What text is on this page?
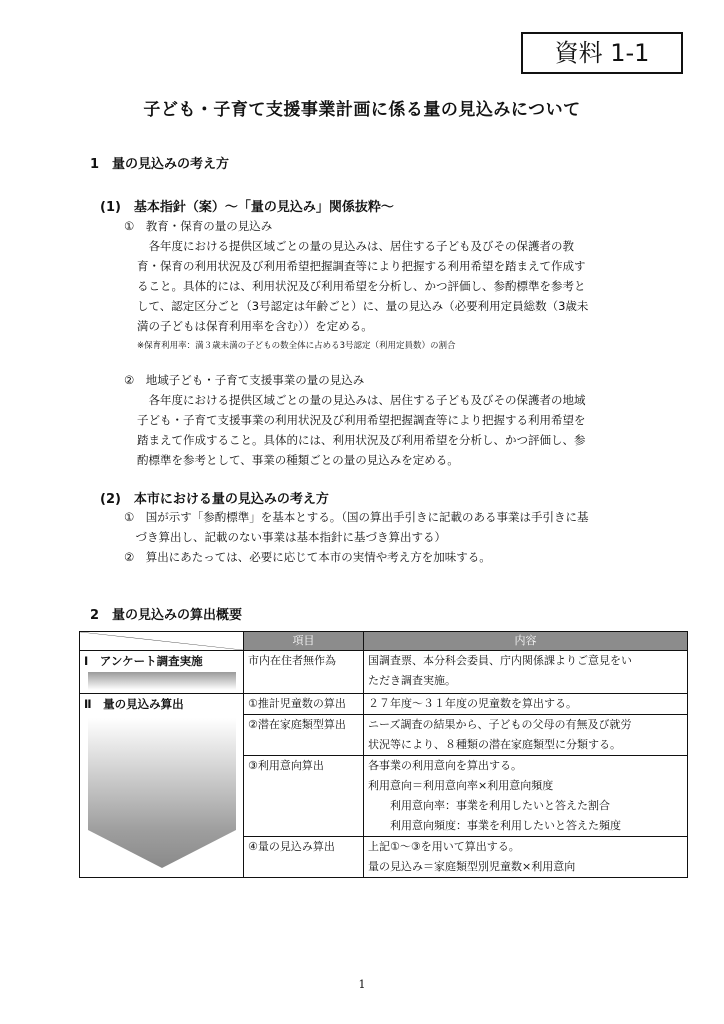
資料 1-1
子ども・子育て支援事業計画に係る量の見込みについて
1　量の見込みの考え方
(1)　基本指針（案）～「量の見込み」関係抜粋～
①　教育・保育の量の見込み
　各年度における提供区域ごとの量の見込みは、居住する子ども及びその保護者の教
育・保育の利用状況及び利用希望把握調査等により把握する利用希望を踏まえて作成す
ること。具体的には、利用状況及び利用希望を分析し、かつ評価し、参酌標準を参考と
して、認定区分ごと（3号認定は年齢ごと）に、量の見込み（必要利用定員総数（3歳未
満の子どもは保育利用率を含む））を定める。
※保育利用率：満３歳未満の子どもの数全体に占める3号認定（利用定員数）の割合
②　地域子ども・子育て支援事業の量の見込み
　各年度における提供区域ごとの量の見込みは、居住する子ども及びその保護者の地域
子ども・子育て支援事業の利用状況及び利用希望把握調査等により把握する利用希望を
踏まえて作成すること。具体的には、利用状況及び利用希望を分析し、かつ評価し、参
酌標準を参考として、事業の種類ごとの量の見込みを定める。
(2)　本市における量の見込みの考え方
①　国が示す「参酌標準」を基本とする。（国の算出手引きに記載のある事業は手引きに基
　づき算出し、記載のない事業は基本指針に基づき算出する）
②　算出にあたっては、必要に応じて本市の実情や考え方を加味する。
2　量の見込みの算出概要
	項目	内容

Ⅰ　アンケート調査実施	市内在住者無作為	国調査票、本分科会委員、庁内関係課よりご意見をい
ただき調査実施。

Ⅱ　量の見込み算出	①推計児童数の算出	２７年度～３１年度の児童数を算出する。

	②潜在家庭類型算出	ニーズ調査の結果から、子どもの父母の有無及び就労
状況等により、８種類の潜在家庭類型に分類する。

	③利用意向算出	各事業の利用意向を算出する。
利用意向＝利用意向率×利用意向頻度
　　利用意向率：事業を利用したいと答えた割合
　　利用意向頻度：事業を利用したいと答えた頻度

	④量の見込み算出	上記①～③を用いて算出する。
量の見込み＝家庭類型別児童数×利用意向
1
